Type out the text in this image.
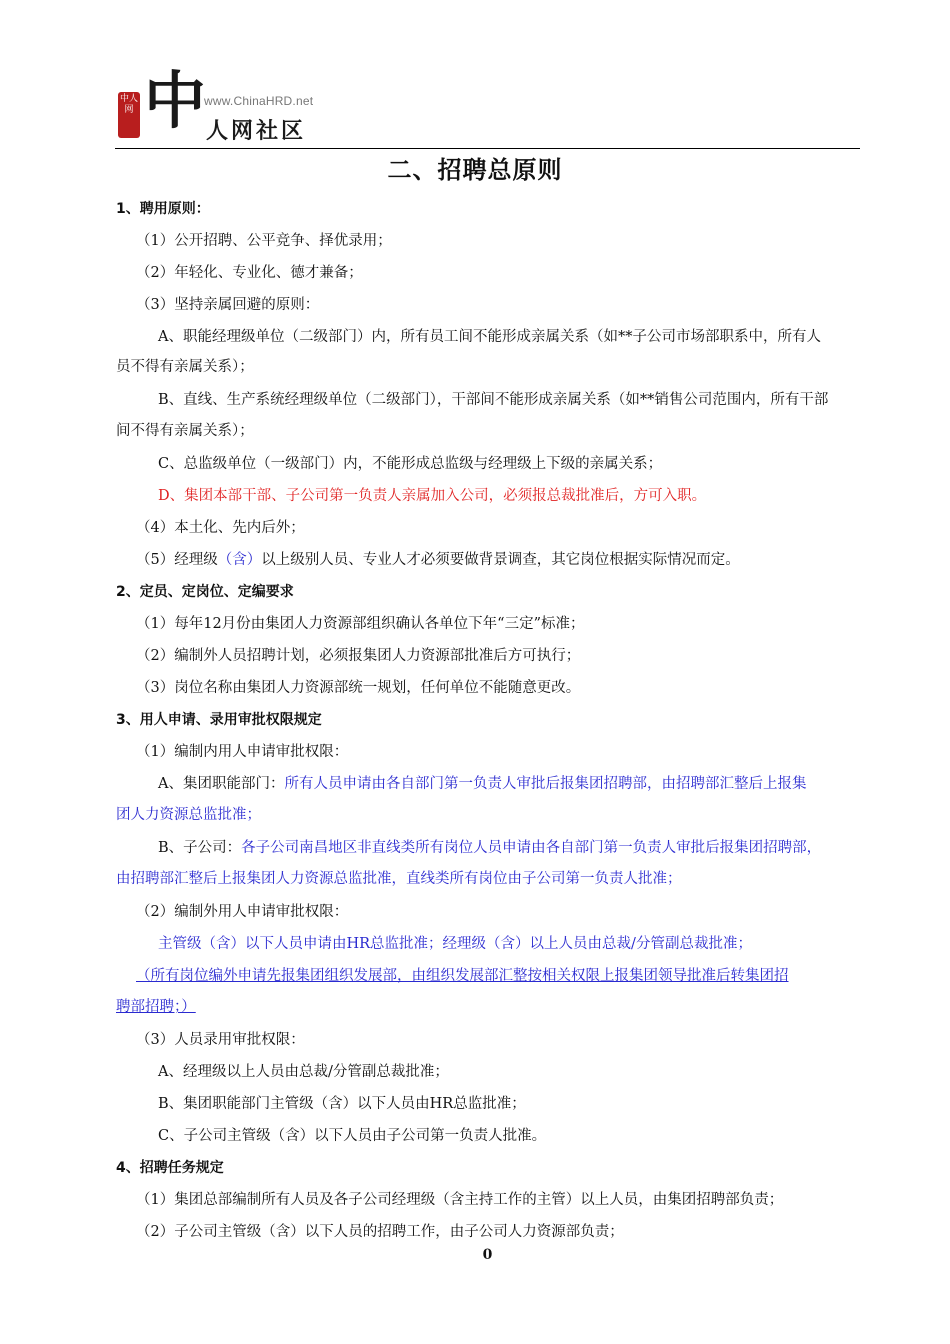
中人网 中
www.ChinaHRD.net
人网社区
二、招聘总原则
1、聘用原则：
（1）公开招聘、公平竞争、择优录用；
（2）年轻化、专业化、德才兼备；
（3）坚持亲属回避的原则：
A、职能经理级单位（二级部门）内，所有员工间不能形成亲属关系（如**子公司市场部职系中，所有人
员不得有亲属关系）；
B、直线、生产系统经理级单位（二级部门），干部间不能形成亲属关系（如**销售公司范围内，所有干部
间不得有亲属关系）；
C、总监级单位（一级部门）内，不能形成总监级与经理级上下级的亲属关系；
D、集团本部干部、子公司第一负责人亲属加入公司，必须报总裁批准后，方可入职。
（4）本土化、先内后外；
（5）经理级（含）以上级别人员、专业人才必须要做背景调查，其它岗位根据实际情况而定。
2、定员、定岗位、定编要求
（1）每年12月份由集团人力资源部组织确认各单位下年“三定”标准；
（2）编制外人员招聘计划，必须报集团人力资源部批准后方可执行；
（3）岗位名称由集团人力资源部统一规划，任何单位不能随意更改。
3、用人申请、录用审批权限规定
（1）编制内用人申请审批权限：
A、集团职能部门：所有人员申请由各自部门第一负责人审批后报集团招聘部，由招聘部汇整后上报集
团人力资源总监批准；
B、子公司：各子公司南昌地区非直线类所有岗位人员申请由各自部门第一负责人审批后报集团招聘部，
由招聘部汇整后上报集团人力资源总监批准，直线类所有岗位由子公司第一负责人批准；
（2）编制外用人申请审批权限：
主管级（含）以下人员申请由HR总监批准；经理级（含）以上人员由总裁/分管副总裁批准；
（所有岗位编外申请先报集团组织发展部，由组织发展部汇整按相关权限上报集团领导批准后转集团招
聘部招聘；）
（3）人员录用审批权限：
A、经理级以上人员由总裁/分管副总裁批准；
B、集团职能部门主管级（含）以下人员由HR总监批准；
C、子公司主管级（含）以下人员由子公司第一负责人批准。
4、招聘任务规定
（1）集团总部编制所有人员及各子公司经理级（含主持工作的主管）以上人员，由集团招聘部负责；
（2）子公司主管级（含）以下人员的招聘工作，由子公司人力资源部负责；
0
